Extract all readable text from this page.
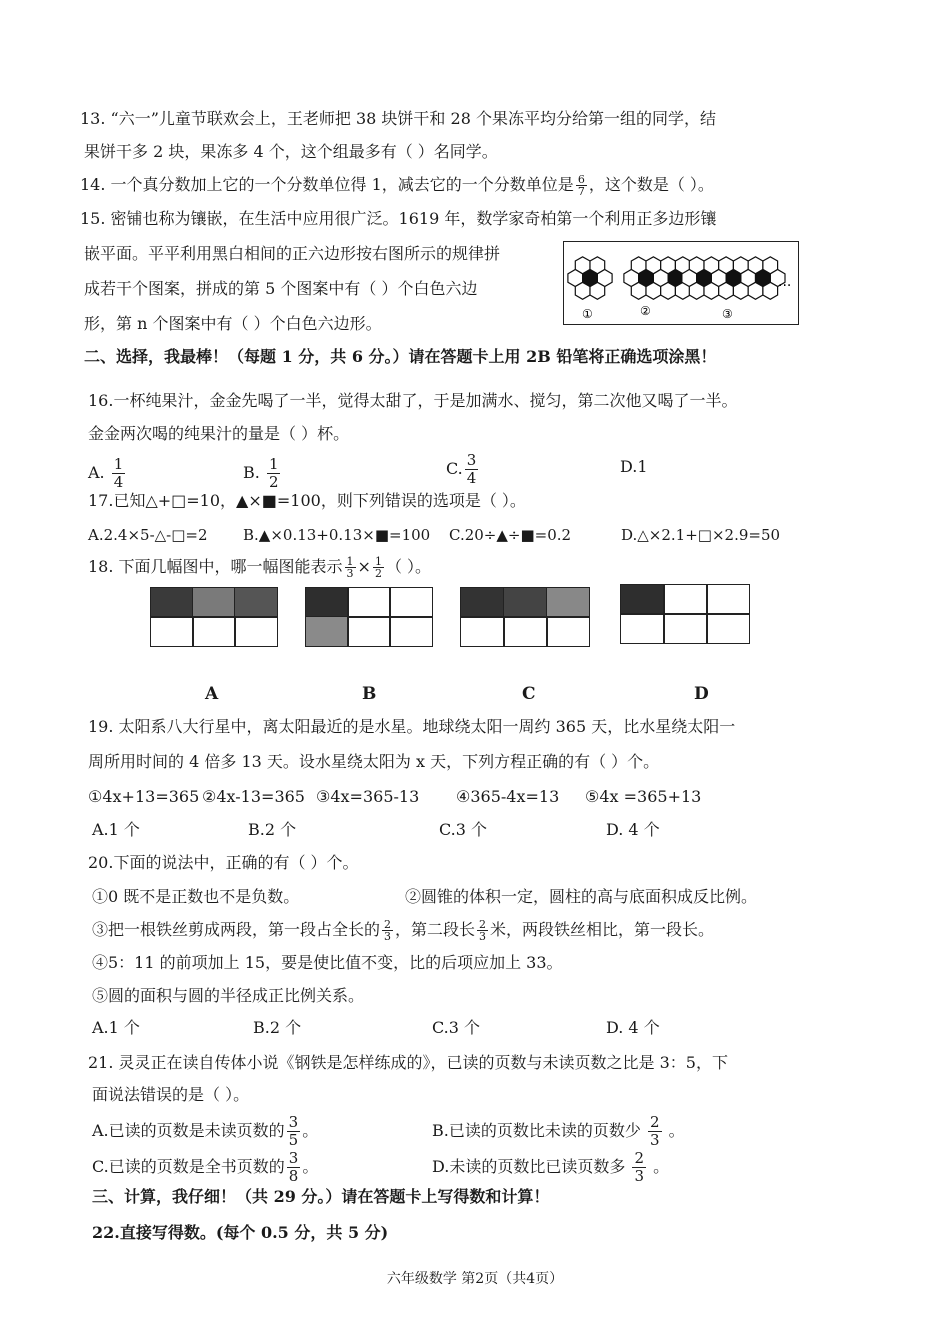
13. “六一”儿童节联欢会上，王老师把 38 块饼干和 28 个果冻平均分给第一组的同学，结
果饼干多 2 块，果冻多 4 个，这个组最多有（ ）名同学。
14. 一个真分数加上它的一个分数单位得 1，减去它的一个分数单位是 $\frac{6}{7}$ ，这个数是（ ）。
15. 密铺也称为镶嵌，在生活中应用很广泛。1619 年，数学家奇柏第一个利用正多边形镶
嵌平面。平平利用黑白相间的正六边形按右图所示的规律拼
成若干个图案，拼成的第 5 个图案中有（ ）个白色六边
形，第 n 个图案中有（ ）个白色六边形。
...
①	②	③
二、选择，我最棒！（每题 1 分，共 6 分。）请在答题卡上用 2B 铅笔将正确选项涂黑！
16.一杯纯果汁，金金先喝了一半，觉得太甜了，于是加满水、搅匀，第二次他又喝了一半。
金金两次喝的纯果汁的量是（ ）杯。
A. $\frac{1}{4}$	B. $\frac{1}{2}$	C. $\frac{3}{4}$	D.1
17.已知△+□=10，▲×■=100，则下列错误的选项是（ ）。
A.2.4×5-△-□=2 B.▲×0.13+0.13×■=100 C.20÷▲÷■=0.2	D.△×2.1+□×2.9=50
18. 下面几幅图中，哪一幅图能表示 $\frac{1}{3} \times \frac{1}{2}$ （ ）。
A	B	C	D
19. 太阳系八大行星中，离太阳最近的是水星。地球绕太阳一周约 365 天，比水星绕太阳一
周所用时间的 4 倍多 13 天。设水星绕太阳为 x 天，下列方程正确的有（ ）个。
①4x+13=365 ②4x-13=365 ③4x=365-13 ④365-4x=13 ⑤4x =365+13
A.1 个	B.2 个	C.3 个	D. 4 个
20.下面的说法中，正确的有（ ）个。
①0 既不是正数也不是负数。	②圆锥的体积一定，圆柱的高与底面积成反比例。
③把一根铁丝剪成两段，第一段占全长的 $\frac{2}{3}$ ，第二段长 $\frac{2}{3}$ 米，两段铁丝相比，第一段长。
④5：11 的前项加上 15，要是使比值不变，比的后项应加上 33。
⑤圆的面积与圆的半径成正比例关系。
A.1 个	B.2 个	C.3 个	D. 4 个
21. 灵灵正在读自传体小说《钢铁是怎样练成的》，已读的页数与未读页数之比是 3：5，下
面说法错误的是（ ）。
A.已读的页数是未读页数的 $\frac{3}{5}$ 。	B.已读的页数比未读的页数少 $\frac{2}{3}$ 。
C.已读的页数是全书页数的 $\frac{3}{8}$ 。	D.未读的页数比已读页数多 $\frac{2}{3}$ 。
三、计算，我仔细！（共 29 分。）请在答题卡上写得数和计算！
22.直接写得数。(每个 0.5 分，共 5 分)
六年级数学 第2页（共4页）
